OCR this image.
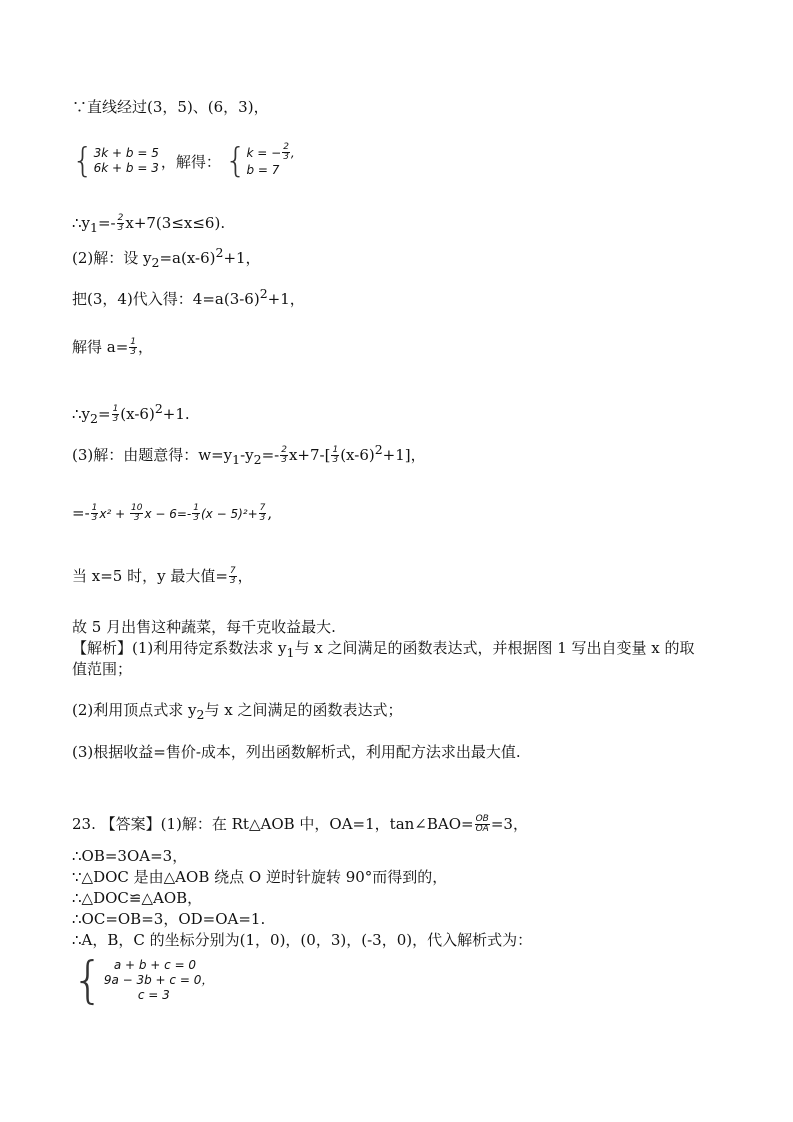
∵直线经过(3，5)、(6，3)，
{ 3k + b = 5
6k + b = 3 ，解得： { k = − $\frac{2}{3}$ ,
b = 7
$\therefore y_1=- \frac{2}{3} x+7(3\le x\le 6)$.
(2)解：设 $y_2=a(x-6)^2+1$，
把(3，4)代入得：$4=a(3-6)^2+1$，
解得 $a= \frac{1}{3}$ ，
$\therefore y_2= \frac{1}{3} (x-6)^2+1$.
(3)解：由题意得：$w=y_1-y_2=- \frac{2}{3} x+7-[ \frac{1}{3} (x-6)^2+1]$，
=- $\frac{1}{3} x^2 + \frac{10}{3}$ $x - 6=- \frac{1}{3} (x - 5)^2+ \frac{7}{3}$ ,
当 x=5 时，y 最大值= $\frac{7}{3}$ ，
故 5 月出售这种蔬菜，每千克收益最大.
【解析】(1)利用待定系数法求 $y_1$与 x 之间满足的函数表达式，并根据图 1 写出自变量 x 的取
值范围；
(2)利用顶点式求 $y_2$与 x 之间满足的函数表达式；
(3)根据收益=售价-成本，列出函数解析式，利用配方法求出最大值.
23. 【答案】(1)解：在 Rt△AOB 中，OA=1，tan∠BAO= $\frac{OB}{OA} =3$，
∴OB=3OA=3，
∵△DOC 是由△AOB 绕点 O 逆时针旋转 90°而得到的，
∴△DOC≌△AOB，
∴OC=OB=3，OD=OA=1.
∴A，B，C 的坐标分别为(1，0)，(0，3)，(-3，0)，代入解析式为：
{ a + b + c = 0
9a − 3b + c = 0，
c = 3
